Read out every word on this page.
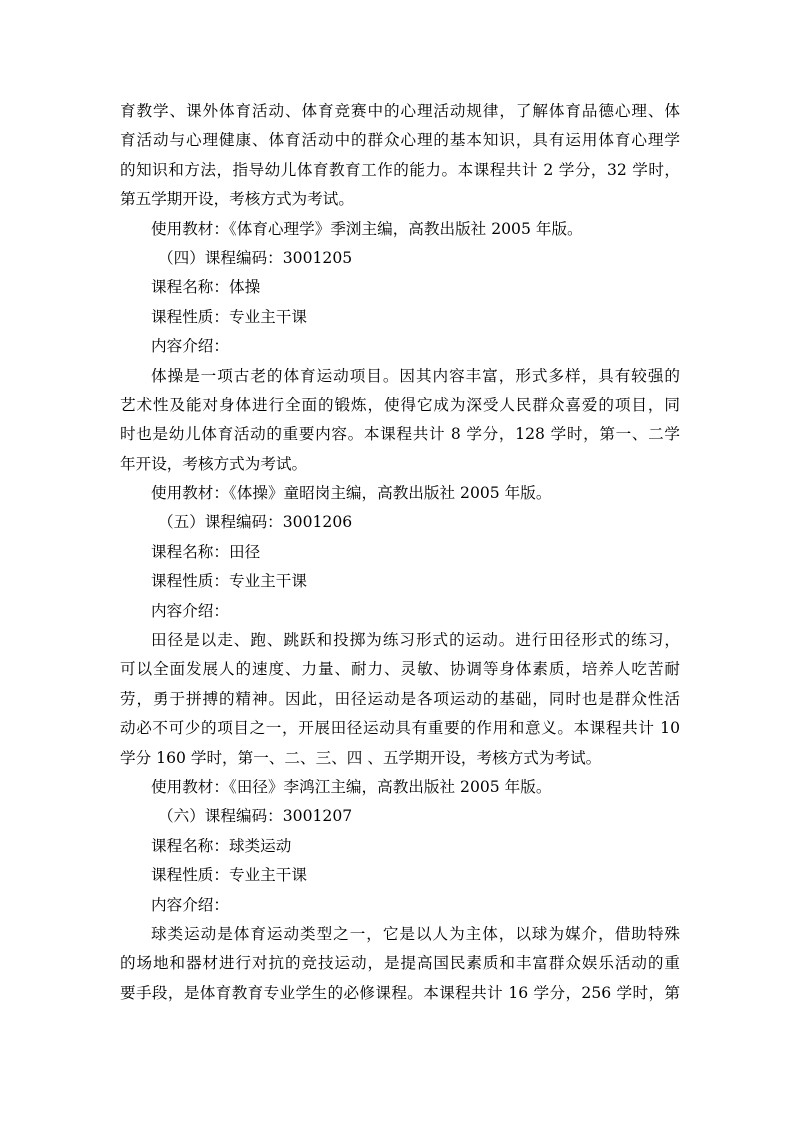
育教学、课外体育活动、体育竞赛中的心理活动规律，了解体育品德心理、体
育活动与心理健康、体育活动中的群众心理的基本知识，具有运用体育心理学
的知识和方法，指导幼儿体育教育工作的能力。本课程共计 2 学分，32 学时，
第五学期开设，考核方式为考试。
使用教材：《体育心理学》季浏主编，高教出版社 2005 年版。
（四）课程编码：3001205
课程名称：体操
课程性质：专业主干课
内容介绍：
体操是一项古老的体育运动项目。因其内容丰富，形式多样，具有较强的
艺术性及能对身体进行全面的锻炼，使得它成为深受人民群众喜爱的项目，同
时也是幼儿体育活动的重要内容。本课程共计 8 学分，128 学时，第一、二学
年开设，考核方式为考试。
使用教材：《体操》童昭岗主编，高教出版社 2005 年版。
（五）课程编码：3001206
课程名称：田径
课程性质：专业主干课
内容介绍：
田径是以走、跑、跳跃和投掷为练习形式的运动。进行田径形式的练习，
可以全面发展人的速度、力量、耐力、灵敏、协调等身体素质，培养人吃苦耐
劳，勇于拼搏的精神。因此，田径运动是各项运动的基础，同时也是群众性活
动必不可少的项目之一，开展田径运动具有重要的作用和意义。本课程共计 10
学分 160 学时，第一、二、三、四 、五学期开设，考核方式为考试。
使用教材：《田径》李鸿江主编，高教出版社 2005 年版。
（六）课程编码：3001207
课程名称：球类运动
课程性质：专业主干课
内容介绍：
球类运动是体育运动类型之一，它是以人为主体，以球为媒介，借助特殊
的场地和器材进行对抗的竞技运动，是提高国民素质和丰富群众娱乐活动的重
要手段，是体育教育专业学生的必修课程。本课程共计 16 学分，256 学时，第
